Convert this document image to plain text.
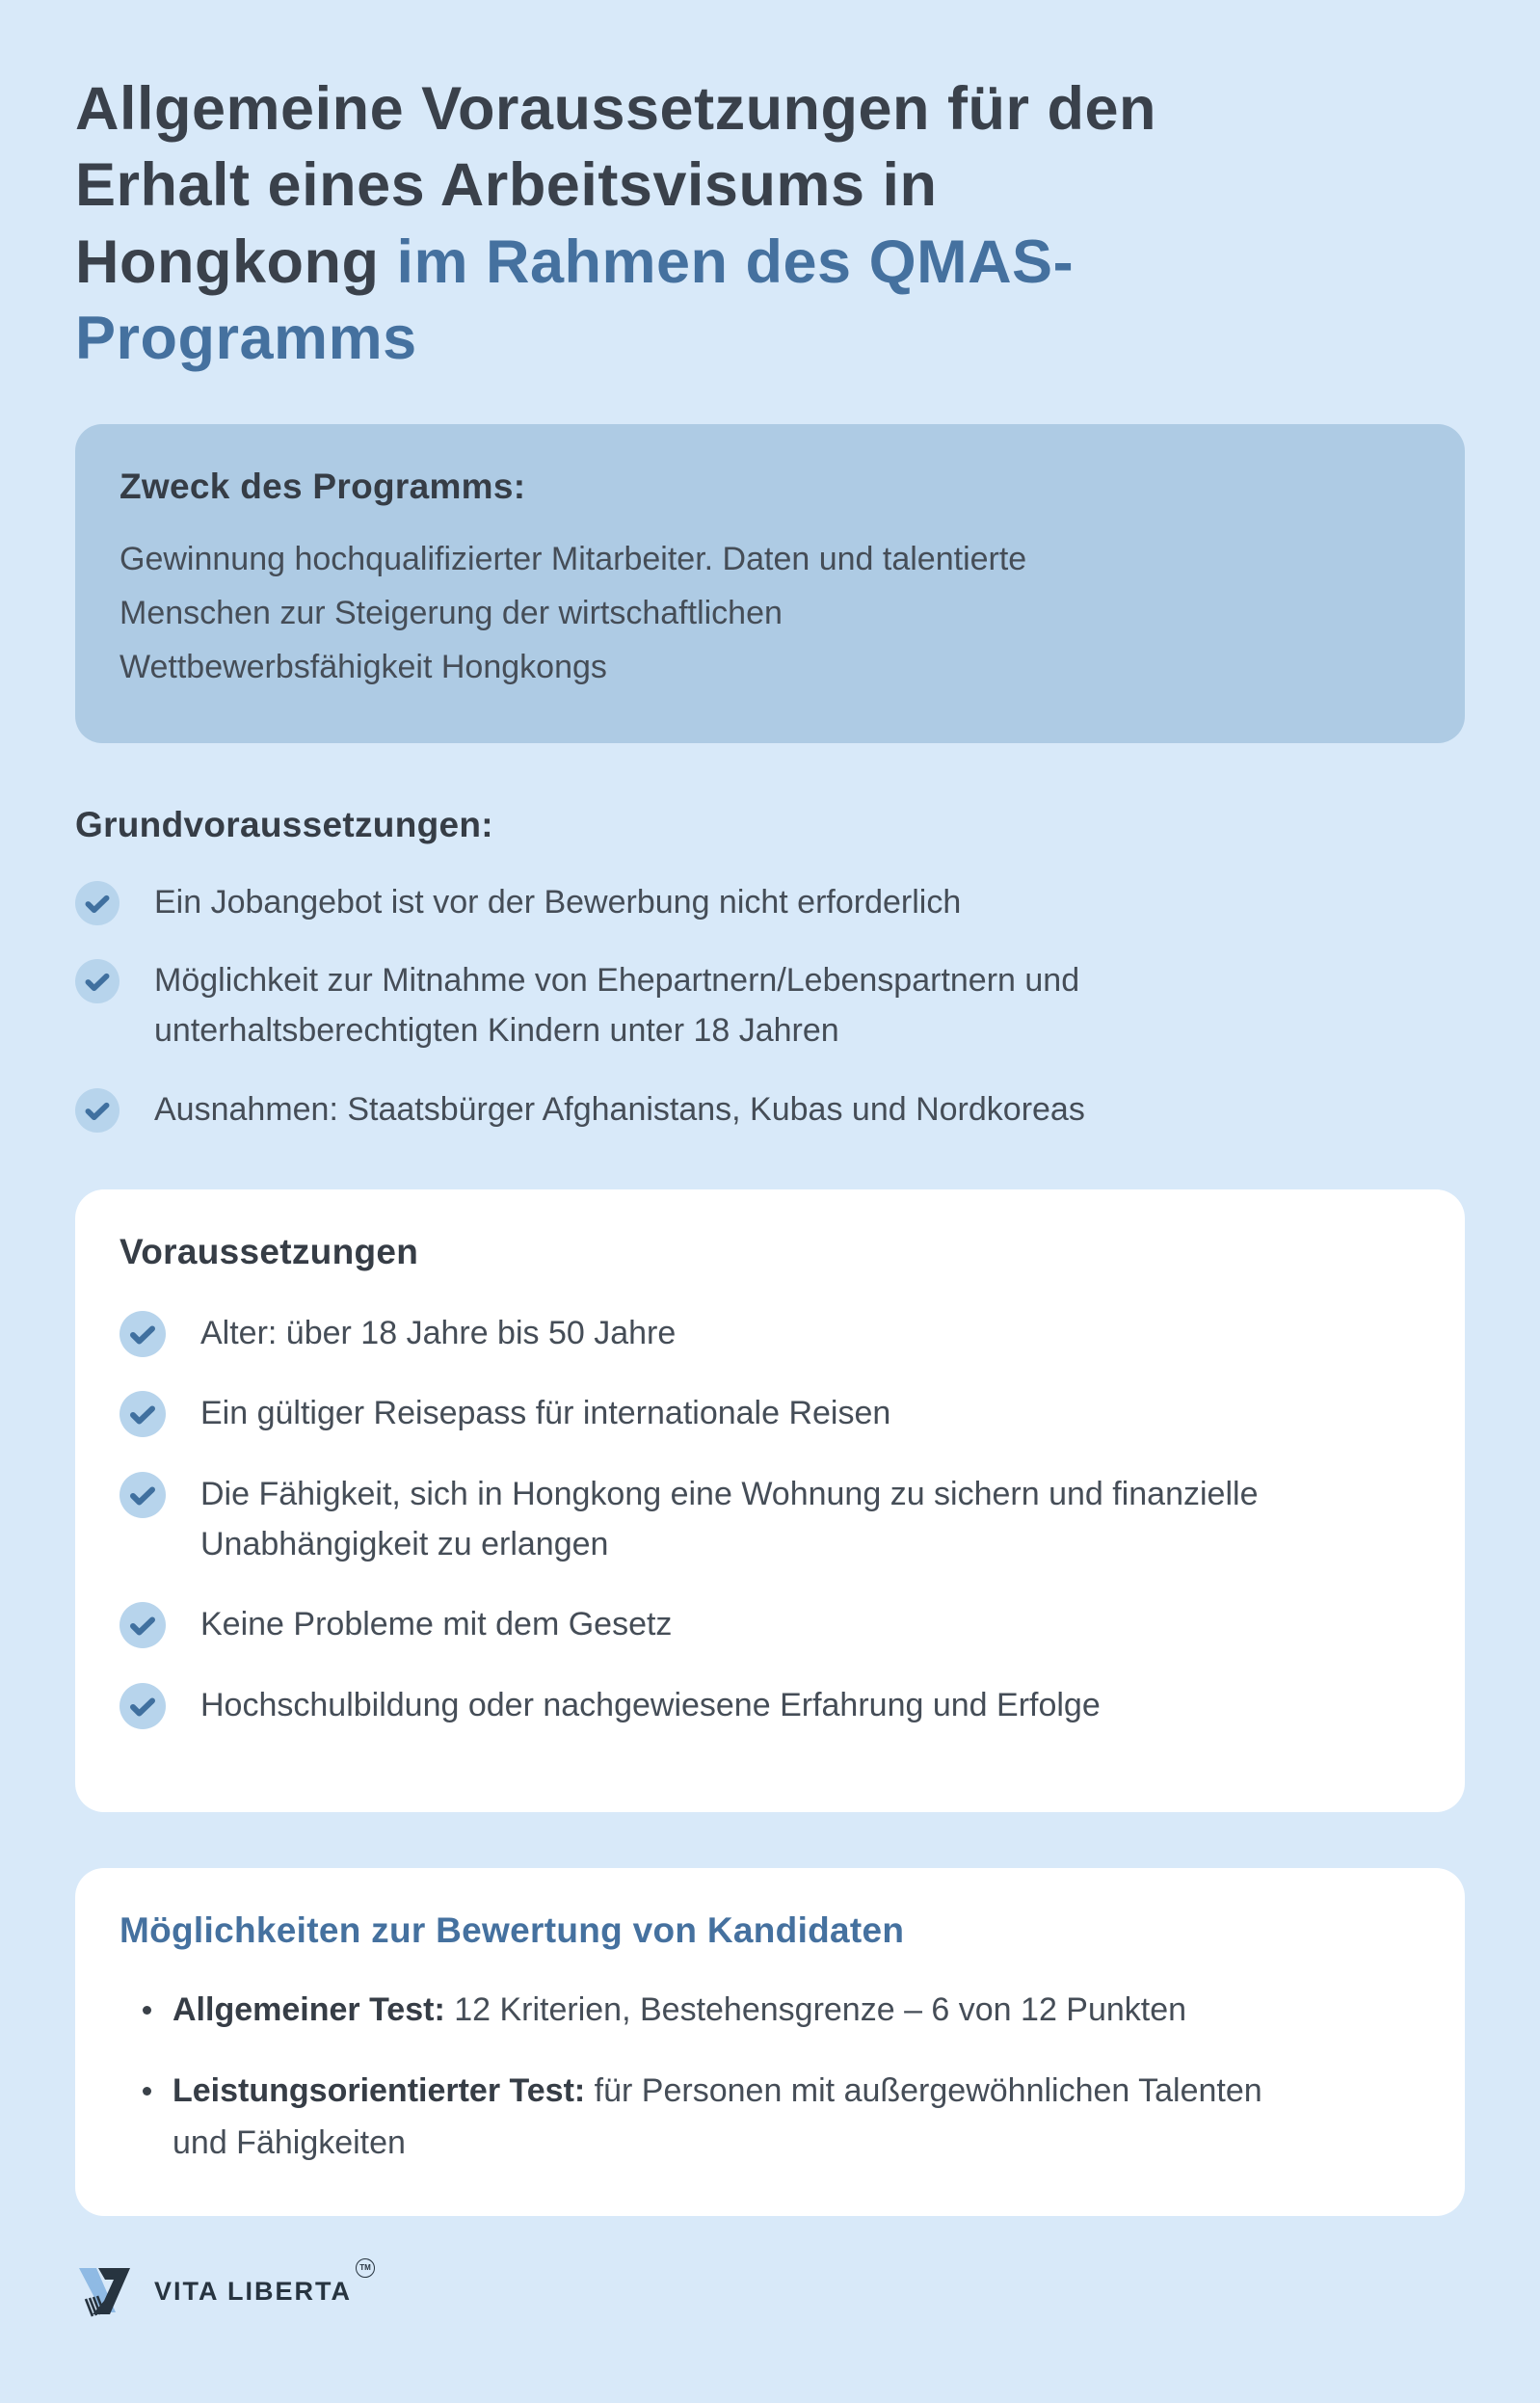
Allgemeine Voraussetzungen für den
Erhalt eines Arbeitsvisums in
Hongkong im Rahmen des QMAS-
Programms
Zweck des Programms:

Gewinnung hochqualifizierter Mitarbeiter. Daten und talentierte
Menschen zur Steigerung der wirtschaftlichen
Wettbewerbsfähigkeit Hongkongs

Grundvoraussetzungen:
Ein Jobangebot ist vor der Bewerbung nicht erforderlich
Möglichkeit zur Mitnahme von Ehepartnern/Lebenspartnern und unterhaltsberechtigten Kindern unter 18 Jahren
Ausnahmen: Staatsbürger Afghanistans, Kubas und Nordkoreas
Voraussetzungen
Alter: über 18 Jahre bis 50 Jahre
Ein gültiger Reisepass für internationale Reisen
Die Fähigkeit, sich in Hongkong eine Wohnung zu sichern und finanzielle Unabhängigkeit zu erlangen
Keine Probleme mit dem Gesetz
Hochschulbildung oder nachgewiesene Erfahrung und Erfolge
Möglichkeiten zur Bewertung von Kandidaten

Allgemeiner Test: 12 Kriterien, Bestehensgrenze – 6 von 12 Punkten

Leistungsorientierter Test: für Personen mit außergewöhnlichen Talenten und Fähigkeiten

VITA LIBERTA
TM
